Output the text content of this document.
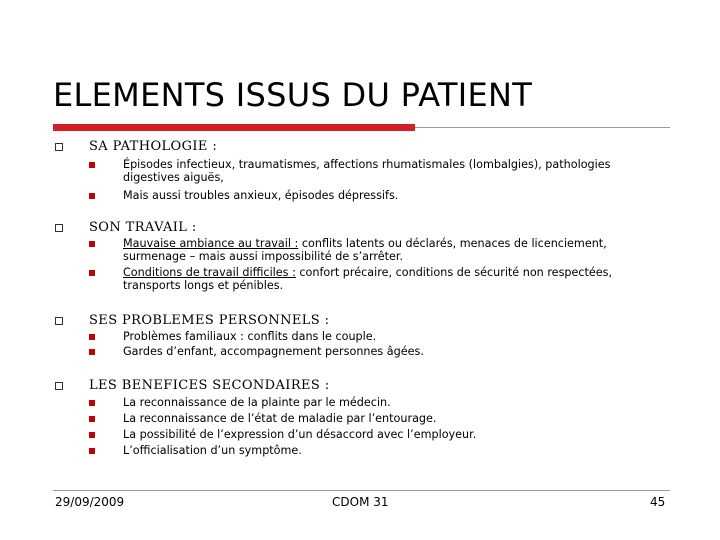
ELEMENTS ISSUS DU PATIENT
SA PATHOLOGIE :
Épisodes infectieux, traumatismes, affections rhumatismales (lombalgies), pathologies digestives aiguës,
Mais aussi troubles anxieux, épisodes dépressifs.
SON TRAVAIL :
Mauvaise ambiance au travail : conflits latents ou déclarés, menaces de licenciement, surmenage – mais aussi impossibilité de s’arrêter.
Conditions de travail difficiles : confort précaire, conditions de sécurité non respectées, transports longs et pénibles.
SES PROBLEMES PERSONNELS :
Problèmes familiaux : conflits dans le couple.
Gardes d’enfant, accompagnement personnes âgées.
LES BENEFICES SECONDAIRES :
La reconnaissance de la plainte par le médecin.
La reconnaissance de l’état de maladie par l’entourage.
La possibilité de l’expression d’un désaccord avec l’employeur.
L’officialisation d’un symptôme.
29/09/2009	CDOM 31	45
